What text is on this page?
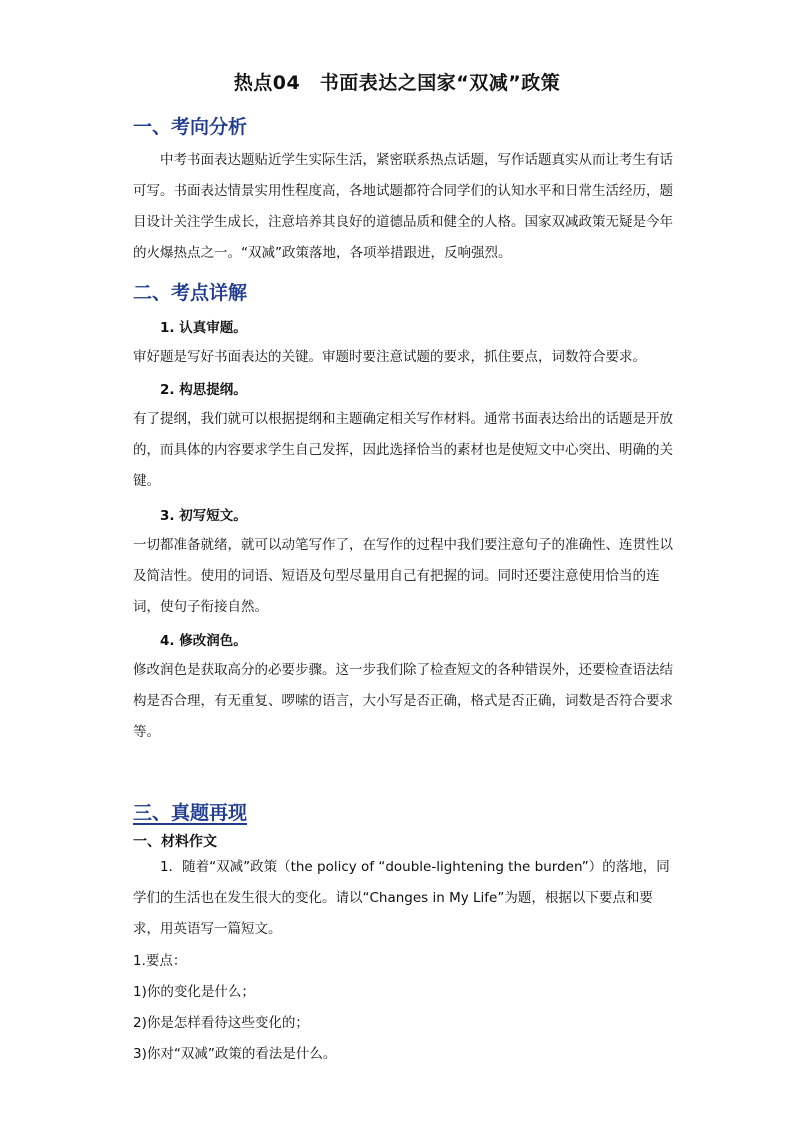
热点04　书面表达之国家“双减”政策
一、考向分析
中考书面表达题贴近学生实际生活，紧密联系热点话题，写作话题真实从而让考生有话可写。书面表达情景实用性程度高，各地试题都符合同学们的认知水平和日常生活经历，题目设计关注学生成长，注意培养其良好的道德品质和健全的人格。国家双减政策无疑是今年的火爆热点之一。“双减”政策落地，各项举措跟进，反响强烈。
二、考点详解
1. 认真审题。
审好题是写好书面表达的关键。审题时要注意试题的要求，抓住要点，词数符合要求。
2. 构思提纲。
有了提纲，我们就可以根据提纲和主题确定相关写作材料。通常书面表达给出的话题是开放的，而具体的内容要求学生自己发挥，因此选择恰当的素材也是使短文中心突出、明确的关键。
3. 初写短文。
一切都准备就绪，就可以动笔写作了，在写作的过程中我们要注意句子的准确性、连贯性以及简洁性。使用的词语、短语及句型尽量用自己有把握的词。同时还要注意使用恰当的连词，使句子衔接自然。
4. 修改润色。
修改润色是获取高分的必要步骤。这一步我们除了检查短文的各种错误外，还要检查语法结构是否合理，有无重复、啰嗦的语言，大小写是否正确，格式是否正确，词数是否符合要求等。
三、真题再现
一、材料作文
1．随着“双减”政策（the policy of “double-lightening the burden”）的落地，同学们的生活也在发生很大的变化。请以“Changes in My Life”为题，根据以下要点和要求，用英语写一篇短文。
1.要点：
1)你的变化是什么；
2)你是怎样看待这些变化的；
3)你对“双减”政策的看法是什么。
